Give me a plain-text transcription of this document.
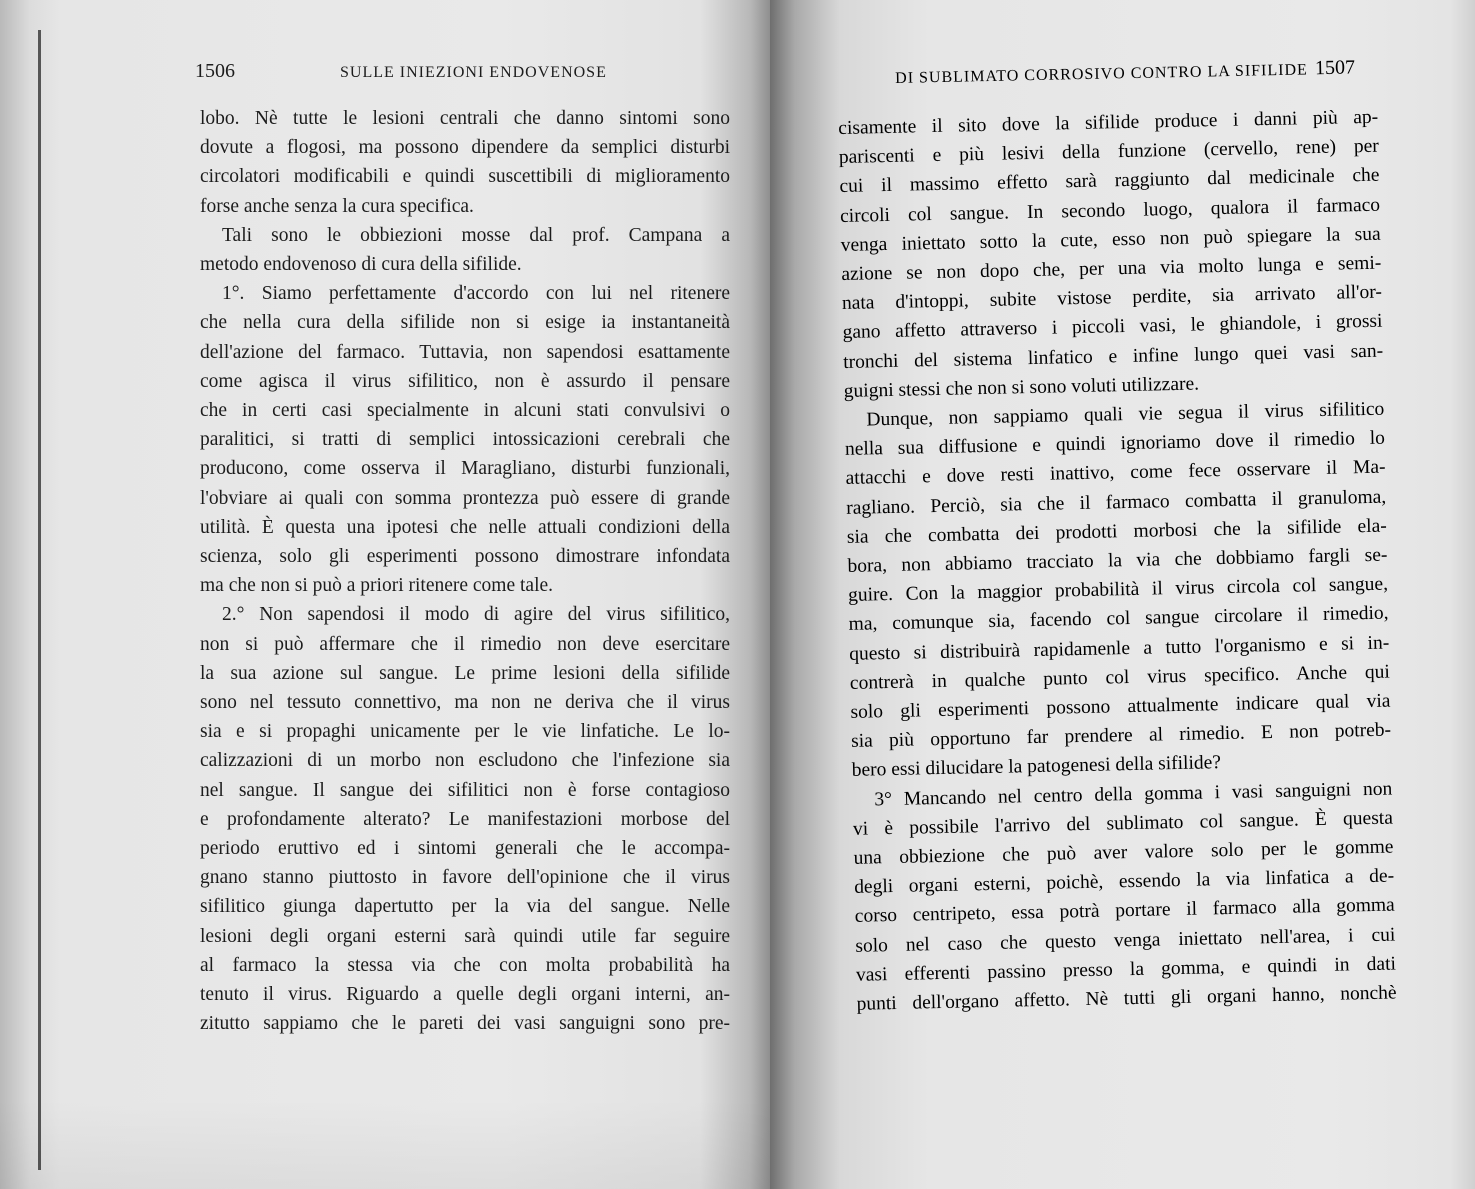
1506	SULLE INIEZIONI ENDOVENOSE
lobo. Nè tutte le lesioni centrali che danno sintomi sono
dovute a flogosi, ma possono dipendere da semplici disturbi
circolatori modificabili e quindi suscettibili di miglioramento
forse anche senza la cura specifica.
Tali sono le obbiezioni mosse dal prof. Campana a
metodo endovenoso di cura della sifilide.
1°. Siamo perfettamente d'accordo con lui nel ritenere
che nella cura della sifilide non si esige ia instantaneità
dell'azione del farmaco. Tuttavia, non sapendosi esattamente
come agisca il virus sifilitico, non è assurdo il pensare
che in certi casi specialmente in alcuni stati convulsivi o
paralitici, si tratti di semplici intossicazioni cerebrali che
producono, come osserva il Maragliano, disturbi funzionali,
l'obviare ai quali con somma prontezza può essere di grande
utilità. È questa una ipotesi che nelle attuali condizioni della
scienza, solo gli esperimenti possono dimostrare infondata
ma che non si può a priori ritenere come tale.
2.° Non sapendosi il modo di agire del virus sifilitico,
non si può affermare che il rimedio non deve esercitare
la sua azione sul sangue. Le prime lesioni della sifilide
sono nel tessuto connettivo, ma non ne deriva che il virus
sia e si propaghi unicamente per le vie linfatiche. Le lo-
calizzazioni di un morbo non escludono che l'infezione sia
nel sangue. Il sangue dei sifilitici non è forse contagioso
e profondamente alterato? Le manifestazioni morbose del
periodo eruttivo ed i sintomi generali che le accompa-
gnano stanno piuttosto in favore dell'opinione che il virus
sifilitico giunga dapertutto per la via del sangue. Nelle
lesioni degli organi esterni sarà quindi utile far seguire
al farmaco la stessa via che con molta probabilità ha
tenuto il virus. Riguardo a quelle degli organi interni, an-
zitutto sappiamo che le pareti dei vasi sanguigni sono pre-
DI SUBLIMATO CORROSIVO CONTRO LA SIFILIDE 1507
cisamente il sito dove la sifilide produce i danni più ap-
pariscenti e più lesivi della funzione (cervello, rene) per
cui il massimo effetto sarà raggiunto dal medicinale che
circoli col sangue. In secondo luogo, qualora il farmaco
venga iniettato sotto la cute, esso non può spiegare la sua
azione se non dopo che, per una via molto lunga e semi-
nata d'intoppi, subite vistose perdite, sia arrivato all'or-
gano affetto attraverso i piccoli vasi, le ghiandole, i grossi
tronchi del sistema linfatico e infine lungo quei vasi san-
guigni stessi che non si sono voluti utilizzare.
Dunque, non sappiamo quali vie segua il virus sifilitico
nella sua diffusione e quindi ignoriamo dove il rimedio lo
attacchi e dove resti inattivo, come fece osservare il Ma-
ragliano. Perciò, sia che il farmaco combatta il granuloma,
sia che combatta dei prodotti morbosi che la sifilide ela-
bora, non abbiamo tracciato la via che dobbiamo fargli se-
guire. Con la maggior probabilità il virus circola col sangue,
ma, comunque sia, facendo col sangue circolare il rimedio,
questo si distribuirà rapidamenle a tutto l'organismo e si in-
contrerà in qualche punto col virus specifico. Anche qui
solo gli esperimenti possono attualmente indicare qual via
sia più opportuno far prendere al rimedio. E non potreb-
bero essi dilucidare la patogenesi della sifilide?
3° Mancando nel centro della gomma i vasi sanguigni non
vi è possibile l'arrivo del sublimato col sangue. È questa
una obbiezione che può aver valore solo per le gomme
degli organi esterni, poichè, essendo la via linfatica a de-
corso centripeto, essa potrà portare il farmaco alla gomma
solo nel caso che questo venga iniettato nell'area, i cui
vasi efferenti passino presso la gomma, e quindi in dati
punti dell'organo affetto. Nè tutti gli organi hanno, nonchè
